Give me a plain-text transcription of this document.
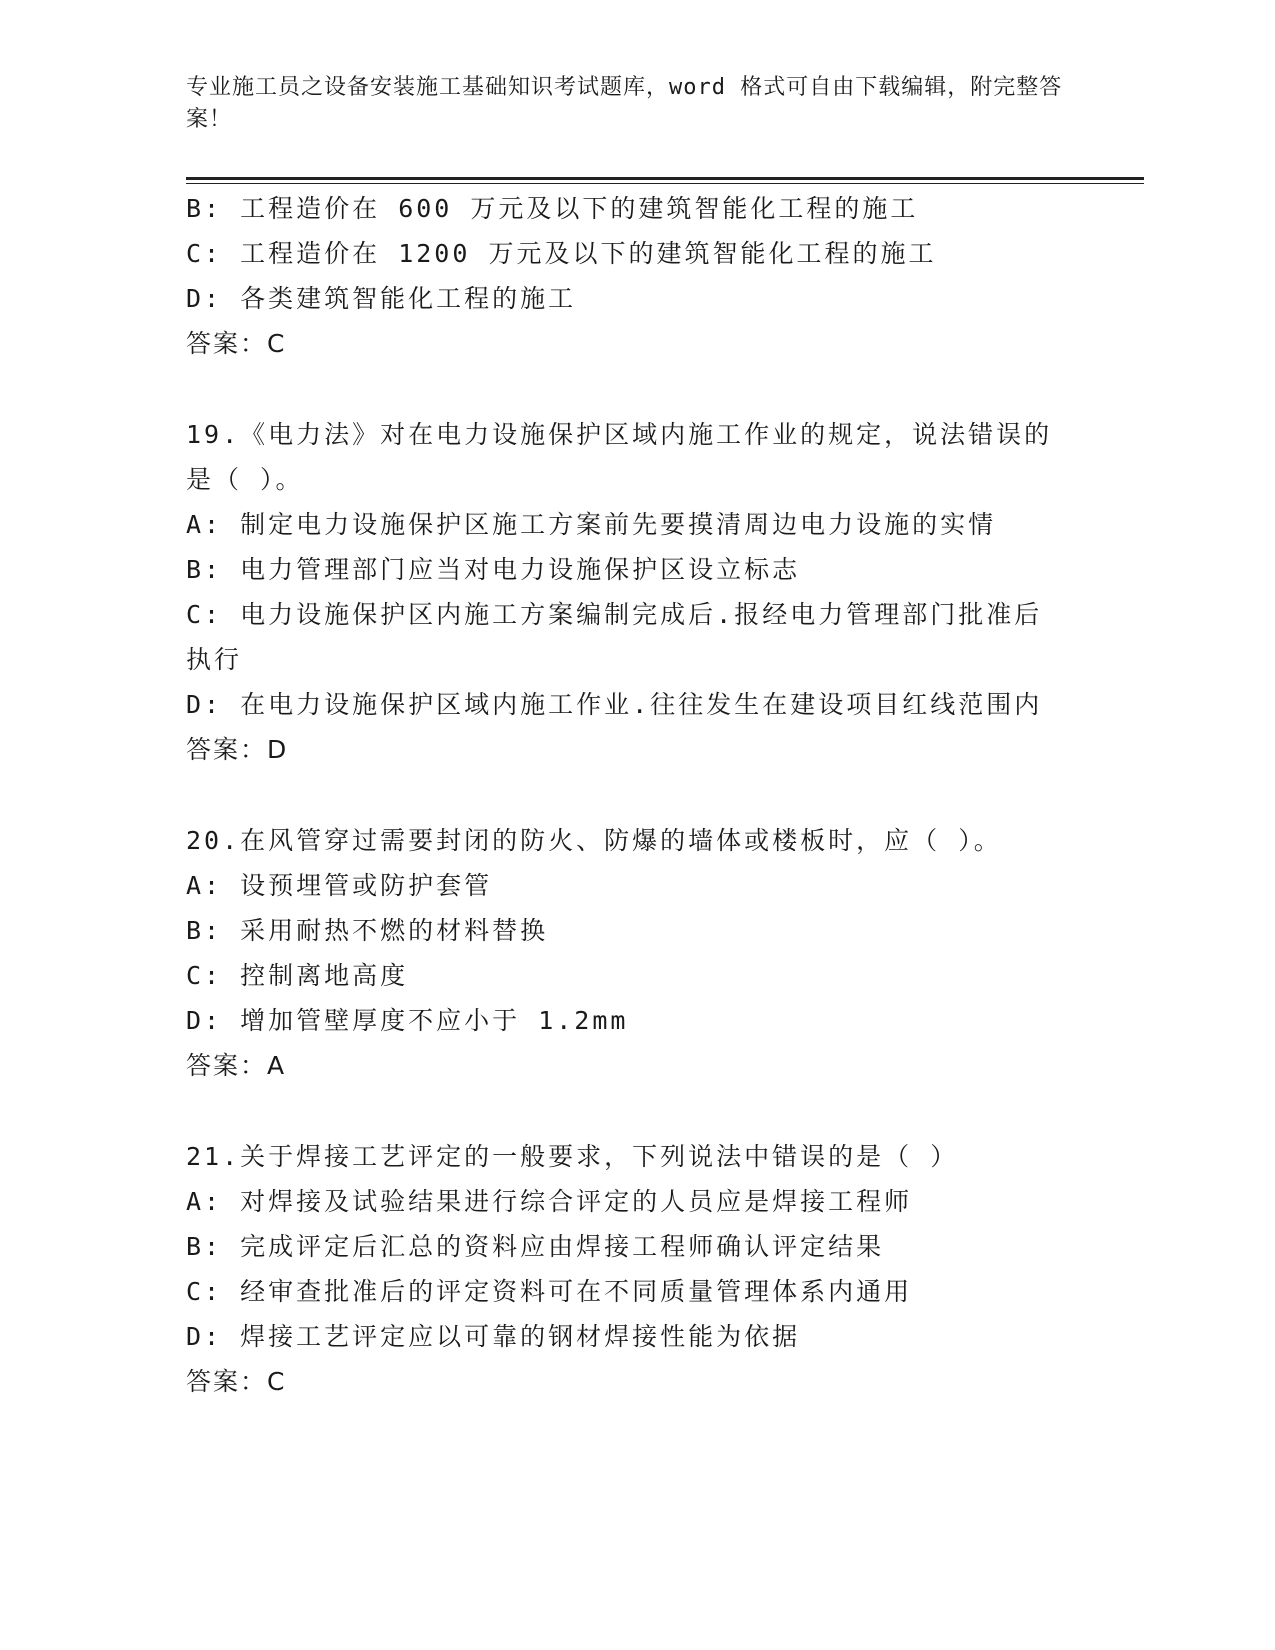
专业施工员之设备安装施工基础知识考试题库，word 格式可自由下载编辑，附完整答案！
B: 工程造价在 600 万元及以下的建筑智能化工程的施工
C: 工程造价在 1200 万元及以下的建筑智能化工程的施工
D: 各类建筑智能化工程的施工
答案：C
19.《电力法》对在电力设施保护区域内施工作业的规定，说法错误的是（ ）。
A: 制定电力设施保护区施工方案前先要摸清周边电力设施的实情
B: 电力管理部门应当对电力设施保护区设立标志
C: 电力设施保护区内施工方案编制完成后.报经电力管理部门批准后执行
D: 在电力设施保护区域内施工作业.往往发生在建设项目红线范围内
答案：D
20.在风管穿过需要封闭的防火、防爆的墙体或楼板时，应（ ）。
A: 设预埋管或防护套管
B: 采用耐热不燃的材料替换
C: 控制离地高度
D: 增加管壁厚度不应小于 1.2mm
答案：A
21.关于焊接工艺评定的一般要求，下列说法中错误的是（ ）
A: 对焊接及试验结果进行综合评定的人员应是焊接工程师
B: 完成评定后汇总的资料应由焊接工程师确认评定结果
C: 经审查批准后的评定资料可在不同质量管理体系内通用
D: 焊接工艺评定应以可靠的钢材焊接性能为依据
答案：C
